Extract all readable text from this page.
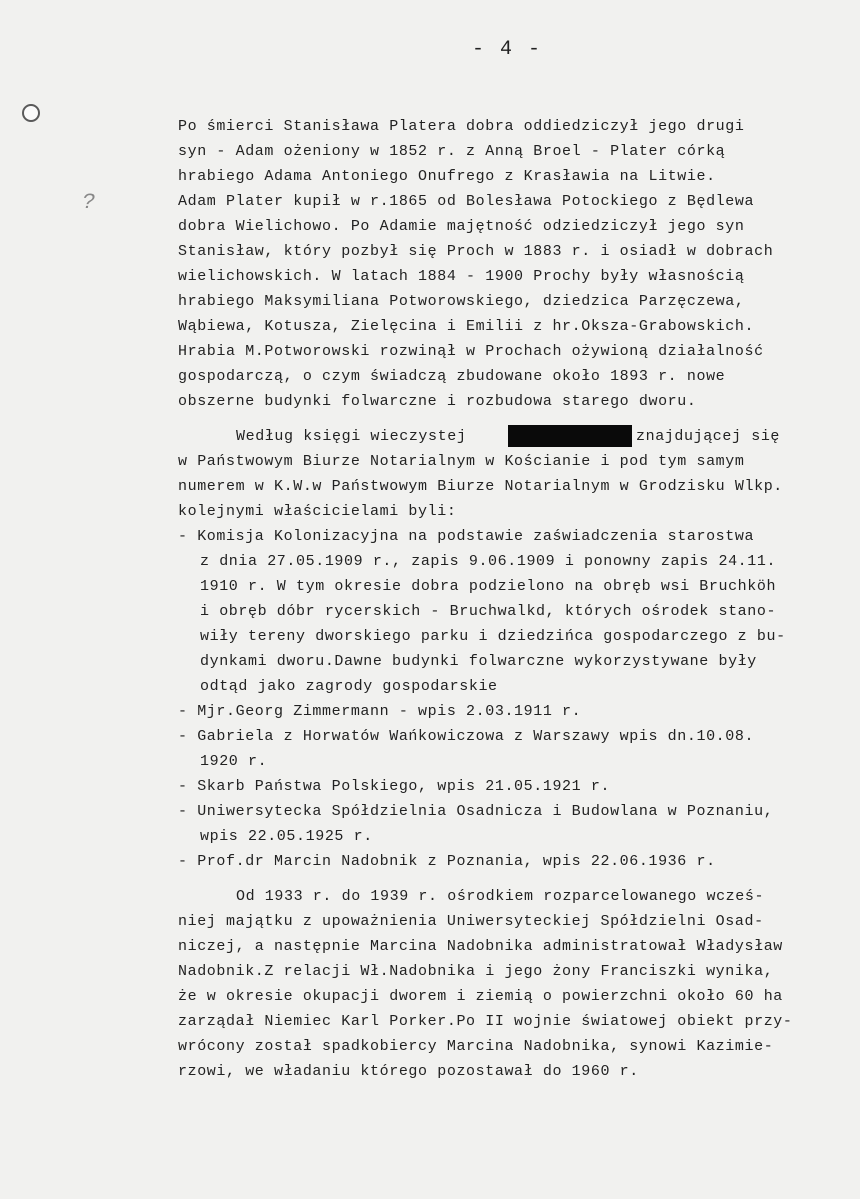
- 4 -
?
Po śmierci Stanisława Platera dobra oddiedziczył jego drugi
syn - Adam ożeniony w 1852 r. z Anną Broel - Plater córką
hrabiego Adama Antoniego Onufrego z Krasławia na Litwie.
Adam Plater kupił w r.1865 od Bolesława Potockiego z Będlewa
dobra Wielichowo. Po Adamie majętność odziedziczył jego syn
Stanisław, który pozbył się Proch w 1883 r. i osiadł w dobrach
wielichowskich. W latach 1884 - 1900 Prochy były własnością
hrabiego Maksymiliana Potworowskiego, dziedzica Parzęczewa,
Wąbiewa, Kotusza, Zielęcina i Emilii z hr.Oksza-Grabowskich.
Hrabia M.Potworowski rozwinął w Prochach ożywioną działalność
gospodarczą, o czym świadczą zbudowane około 1893 r. nowe
obszerne budynki folwarczne i rozbudowa starego dworu.
Według księgi wieczystej	znajdującej się
w Państwowym Biurze Notarialnym w Kościanie i pod tym samym
numerem w K.W.w Państwowym Biurze Notarialnym w Grodzisku Wlkp.
kolejnymi właścicielami byli:
- Komisja Kolonizacyjna na podstawie zaświadczenia starostwa
z dnia 27.05.1909 r., zapis 9.06.1909 i ponowny zapis 24.11.
1910 r. W tym okresie dobra podzielono na obręb wsi Bruchköh
i obręb dóbr rycerskich - Bruchwalkd, których ośrodek stano-
wiły tereny dworskiego parku i dziedzińca gospodarczego z bu-
dynkami dworu.Dawne budynki folwarczne wykorzystywane były
odtąd jako zagrody gospodarskie
- Mjr.Georg Zimmermann - wpis 2.03.1911 r.
- Gabriela z Horwatów Wańkowiczowa z Warszawy wpis dn.10.08.
1920 r.
- Skarb Państwa Polskiego, wpis 21.05.1921 r.
- Uniwersytecka Spółdzielnia Osadnicza i Budowlana w Poznaniu,
wpis 22.05.1925 r.
- Prof.dr Marcin Nadobnik z Poznania, wpis 22.06.1936 r.
Od 1933 r. do 1939 r. ośrodkiem rozparcelowanego wcześ-
niej majątku z upoważnienia Uniwersyteckiej Spółdzielni Osad-
niczej, a następnie Marcina Nadobnika administratował Władysław
Nadobnik.Z relacji Wł.Nadobnika i jego żony Franciszki wynika,
że w okresie okupacji dworem i ziemią o powierzchni około 60 ha
zarządał Niemiec Karl Porker.Po II wojnie światowej obiekt przy-
wrócony został spadkobiercy Marcina Nadobnika, synowi Kazimie-
rzowi, we władaniu którego pozostawał do 1960 r.
